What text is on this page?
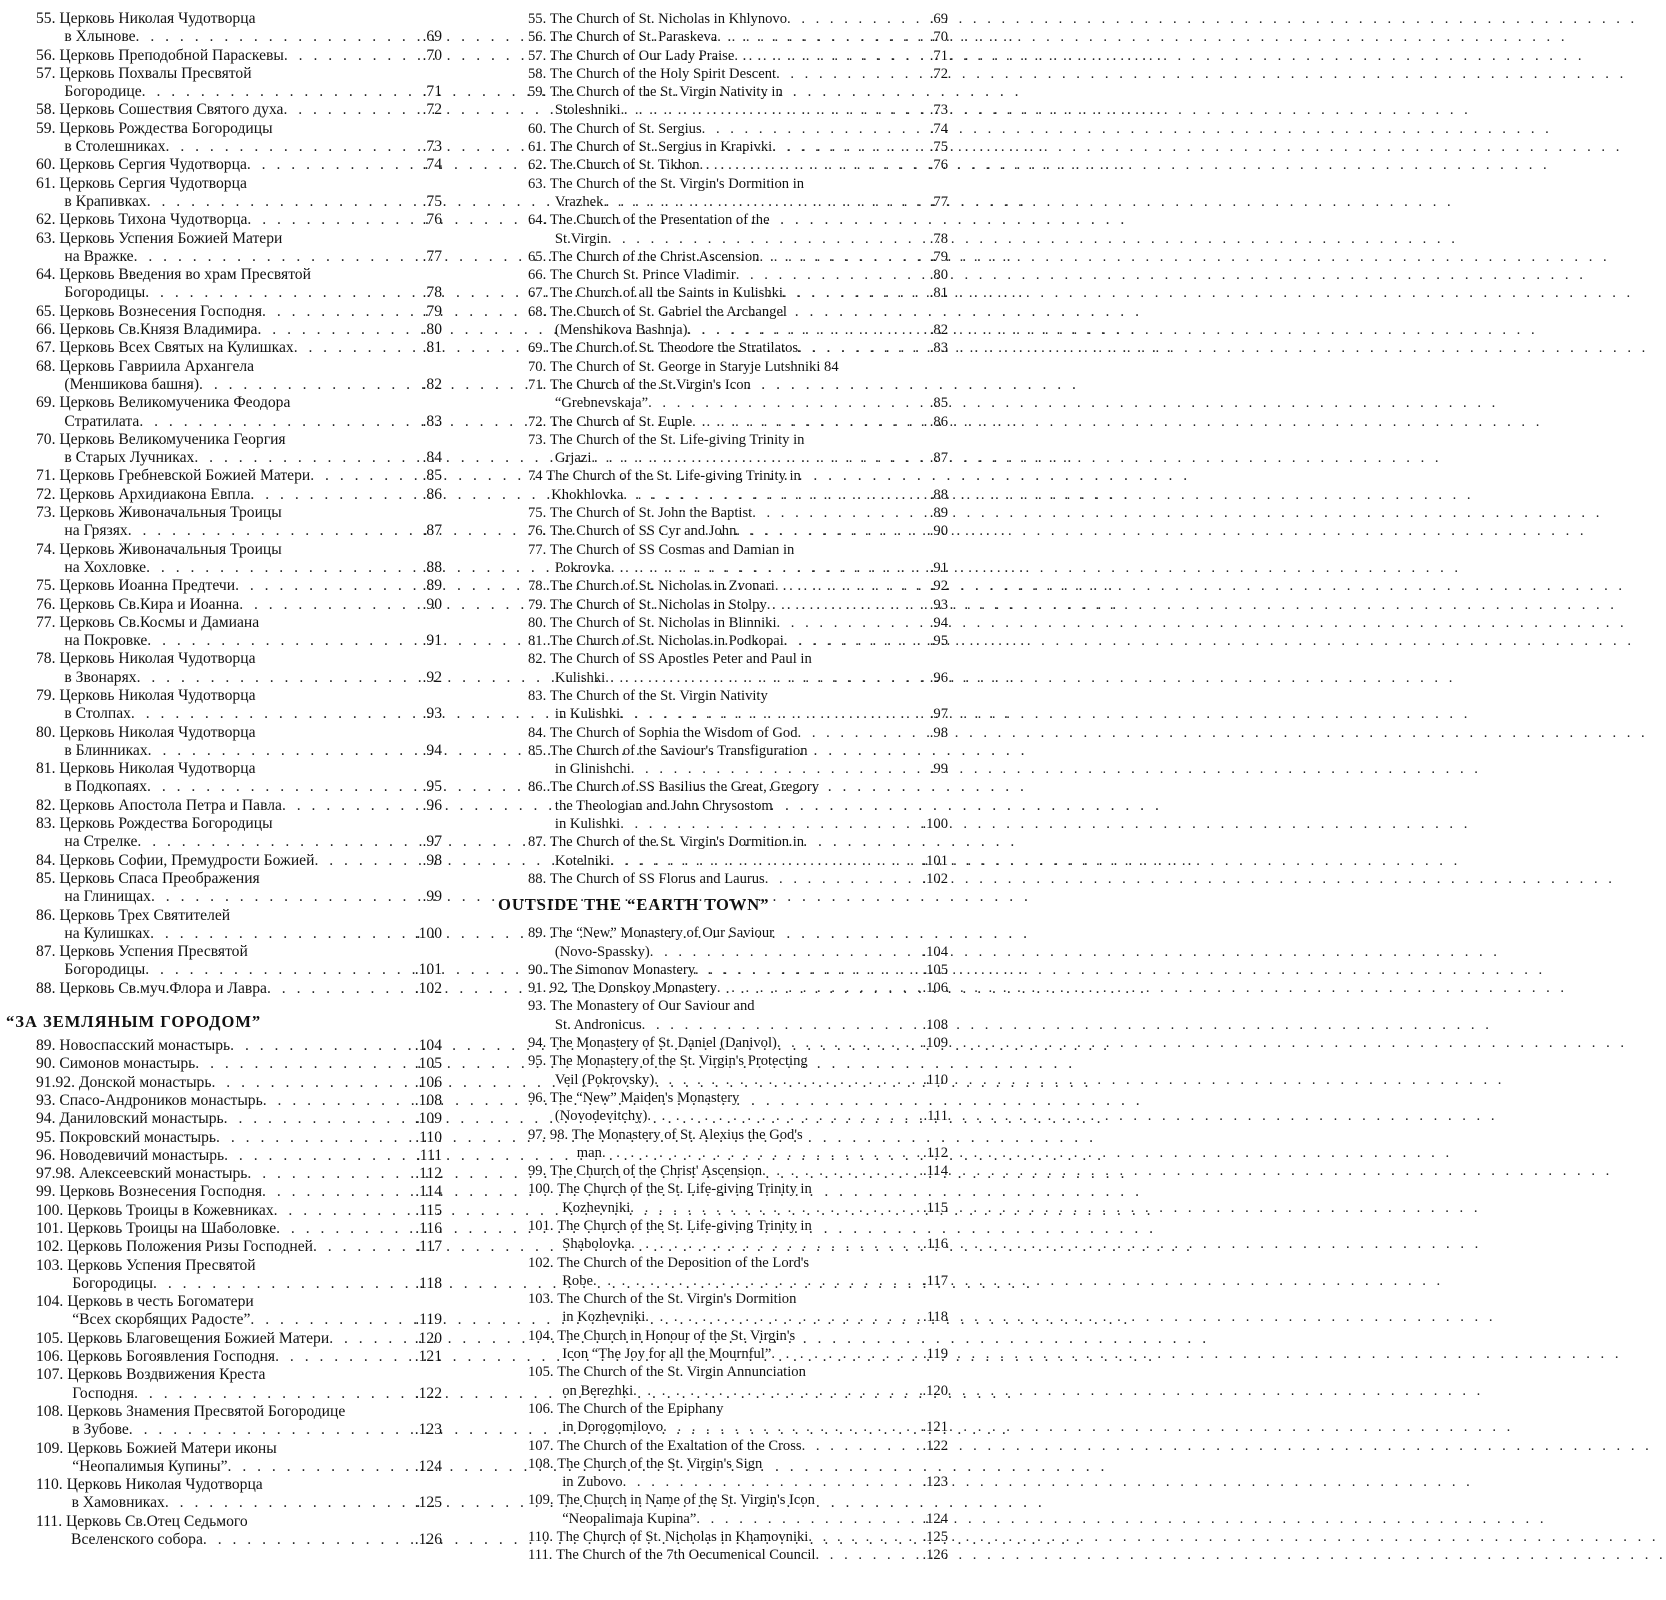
55.
Церковь Николая Чудотворца

в Хлынове . . .	.69
56.
Церковь Преподобной Параскевы . . .	.70
57.
Церковь Похвалы Пресвятой

Богородице . . .	.71
58.
Церковь Сошествия Святого духа . . .	.72
59.
Церковь Рождества Богородицы

в Столешниках . . .	.73
60.
Церковь Сергия Чудотворца . . .	.74
61.
Церковь Сергия Чудотворца

в Крапивках . . .	.75
62.
Церковь Тихона Чудотворца . . .	.76
63.
Церковь Успения Божией Матери

на Вражке . . .	.77
64.
Церковь Введения во храм Пресвятой

Богородицы . . .	.78
65.
Церковь Вознесения Господня . . .	.79
66.
Церковь Св.Князя Владимира . . .	.80
67.
Церковь Всех Святых на Кулишках . . .	.81
68.
Церковь Гавриила Архангела

(Меншикова башня) . . .	.82
69.
Церковь Великомученика Феодора

Стратилата . . .	.83
70.
Церковь Великомученика Георгия

в Старых Лучниках . . .	.84
71.
Церковь Гребневской Божией Матери . . .	.85
72.
Церковь Архидиакона Евпла . . .	.86
73.
Церковь Живоначальныя Троицы

на Грязях . . .	.87
74.
Церковь Живоначальныя Троицы

на Хохловке . . .	.88
75.
Церковь Иоанна Предтечи . . .	.89
76.
Церковь Св.Кира и Иоанна . . .	.90
77.
Церковь Св.Космы и Дамиана

на Покровке . . .	.91
78.
Церковь Николая Чудотворца

в Звонарях . . .	.92
79.
Церковь Николая Чудотворца

в Столпах . . .	.93
80.
Церковь Николая Чудотворца

в Блинниках . . .	.94
81.
Церковь Николая Чудотворца

в Подкопаях . . .	.95
82.
Церковь Апостола Петра и Павла . . .	.96
83.
Церковь Рождества Богородицы

на Стрелке . . .	.97
84.
Церковь Софии, Премудрости Божией . . .	.98
85.
Церковь Спаса Преображения

на Глинищах . . .	.99
86.
Церковь Трех Святителей

на Кулишках . . .	.100
87.
Церковь Успения Пресвятой

Богородицы . . .	.101
88.
Церковь Св.муч.Флора и Лавра . . .	.102
“ЗА ЗЕМЛЯНЫМ ГОРОДОМ”
89.
Новоспасский монастырь . . .	.104
90.
Симонов монастырь . . .	.105
91.92.
Донской монастырь . . .	.106
93.
Спасо-Андроников монастырь . . .	.108
94.
Даниловский монастырь . . .	.109
95.
Покровский монастырь . . .	.110
96.
Новодевичий монастырь . . .	.111
97.98.
Алексеевский монастырь . . .	.112
99.
Церковь Вознесения Господня . . .	.114
100.
Церковь Троицы в Кожевниках . . .	.115
101.
Церковь Троицы на Шаболовке . . .	.116
102.
Церковь Положения Ризы Господней . . .	.117
103.
Церковь Успения Пресвятой

Богородицы . . .	.118
104.
Церковь в честь Богоматери

“Всех скорбящих Радосте” . . .	.119
105.
Церковь Благовещения Божией Матери . . .	.120
106.
Церковь Богоявления Господня . . .	.121
107.
Церковь Воздвижения Креста

Господня . . .	.122
108.
Церковь Знамения Пресвятой Богородице

в Зубове . . .	.123
109.
Церковь Божией Матери иконы

“Неопалимыя Купины” . . .	.124
110.
Церковь Николая Чудотворца

в Хамовниках . . .	.125
111.
Церковь Св.Отец Седьмого

Вселенского собора . . .	.126
55.
The Church of St. Nicholas in Khlynovo . . .	.69
56.
The Church of St. Paraskeva . . .	.70
57.
The Church of Our Lady Praise . . .	.71
58.
The Church of the Holy Spirit Descent . . .	.72
59.
The Church of the St. Virgin Nativity in

Stoleshniki . . .	.73
60.
The Church of St. Sergius . . .	.74
61.
The Church of St. Sergius in Krapivki . . .	.75
62.
The Church of St. Tikhon . . .	.76
63.
The Church of the St. Virgin's Dormition in

Vrazhek . . .	.77
64.
The Church of the Presentation of the

St.Virgin . . .	.78
65.
The Church of the Christ Ascension . . .	.79
66.
The Church St. Prince Vladimir . . .	.80
67.
The Church of all the Saints in Kulishki . . .	.81
68.
The Church of St. Gabriel the Archangel

(Menshikova Bashnja) . . .	.82
69.
The Church of St. Theodore the Stratilatos . . .	.83
70.
The Church of St. George in Staryje Lutshniki 84
71.
The Church of the St.Virgin's Icon

“Grebnevskaja” . . .	.85
72.
The Church of St. Euple . . .	.86
73.
The Church of the St. Life-giving Trinity in

Grjazi . . .	.87
74
The Church of the St. Life-giving Trinity in

Khokhlovka . . .	.88
75.
The Church of St. John the Baptist . . .	.89
76.
The Church of SS Cyr and John . . .	.90
77.
The Church of SS Cosmas and Damian in

Pokrovka . . .	.91
78.
The Church of St. Nicholas in Zvonari . . .	.92
79.
The Church of St. Nicholas in Stolpy . . .	.93
80.
The Church of St. Nicholas in Blinniki . . .	.94
81.
The Church of St. Nicholas in Podkopai . . .	.95
82.
The Church of SS Apostles Peter and Paul in

Kulishki . . .	.96
83.
The Church of the St. Virgin Nativity

in Kulishki . . .	.97
84.
The Church of Sophia the Wisdom of God . . .	.98
85.
The Church of the Saviour's Transfiguration

in Glinishchi . . .	.99
86.
The Church of SS Basilius the Great, Gregory

the Theologian and John Chrysostom

in Kulishki . . .	.100
87.
The Church of the St. Virgin's Dormition in

Kotelniki . . .	.101
88.
The Church of SS Florus and Laurus . . .	.102
OUTSIDE THE “EARTH TOWN”
89.
The “New” Monastery of Our Saviour

(Novo-Spassky) . . .	.104
90.
The Simonov Monastery . . .	.105
91. 92.
The Donskoy Monastery . . .	.106
93.
The Monastery of Our Saviour and

St. Andronicus . . .	.108
94.
The Monastery of St. Daniel (Danivol) . . .	.109
95.
The Monastery of the St. Virgin's Protecting

Veil (Pokrovsky) . . .	.110
96.
The “New” Maiden's Monastery

(Novodevitchy) . . .	.111
97. 98.
The Monastery of St. Alexius the God's

man . . .	.112
99.
The Church of the Christ' Ascension . . .	.114
100.
The Church of the St. Life-giving Trinity in

Kozhevniki . . .	.115
101.
The Church of the St. Life-giving Trinity in

Shabolovka . . .	.116
102.
The Church of the Deposition of the Lord's

Robe . . .	.117
103.
The Church of the St. Virgin's Dormition

in Kozhevniki . . .	.118
104.
The Church in Honour of the St. Virgin's

Icon “The Joy for all the Mournful” . . .	.119
105.
The Church of the St. Virgin Annunciation

on Berezhki . . .	.120
106.
The Church of the Epiphany

in Dorogomilovo . . .	.121
107.
The Church of the Exaltation of the Cross . . .	.122
108.
The Church of the St. Virgin's Sign

in Zubovo . . .	.123
109.
The Church in Name of the St. Virgin's Icon

“Neopalimaja Kupina” . . .	.124
110.
The Church of St. Nicholas in Khamovniki . . .	.125
111.
The Church of the 7th Oecumenical Council . . .	.126
